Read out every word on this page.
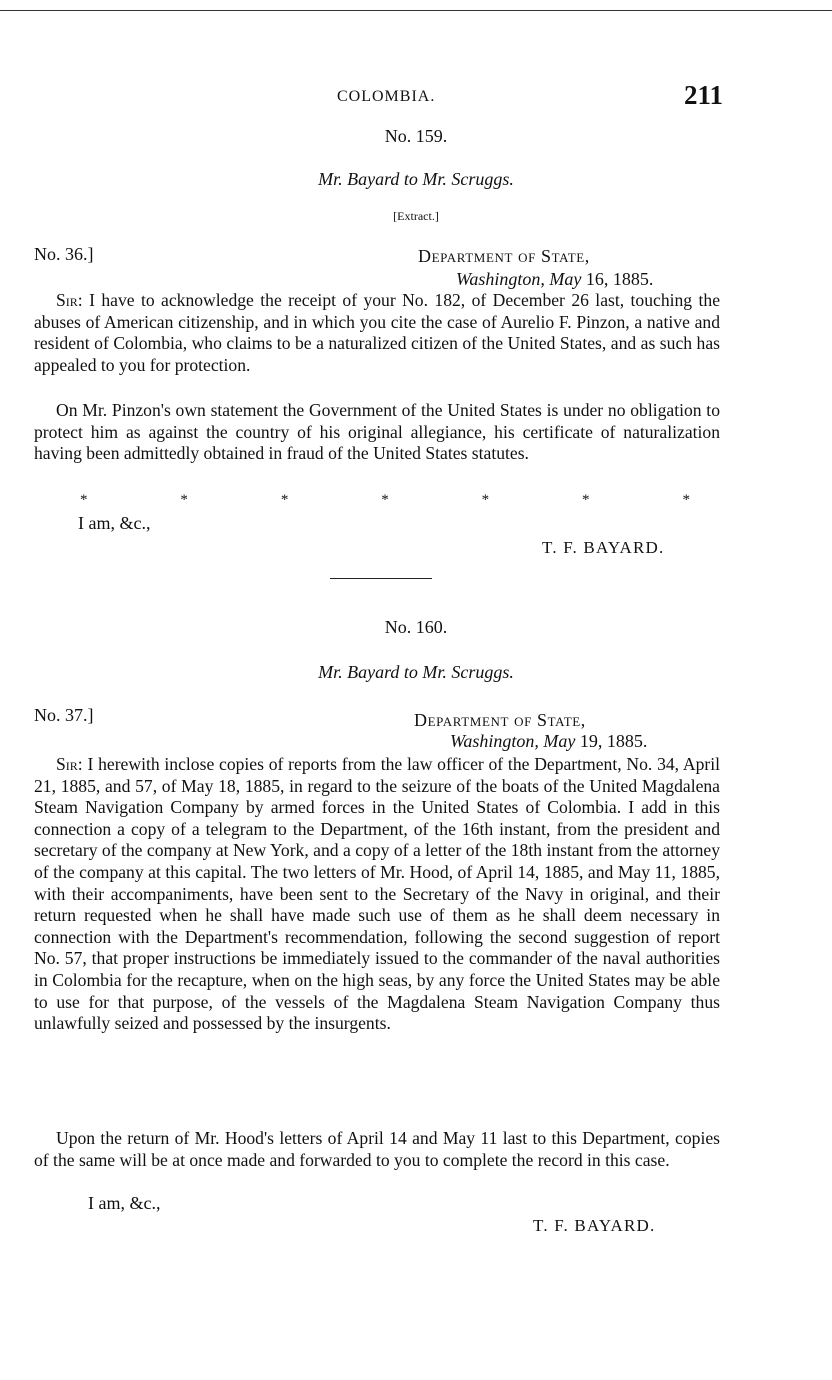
COLOMBIA.	211
No. 159.
Mr. Bayard to Mr. Scruggs.
[Extract.]
No. 36.]	Department of State,
Washington, May 16, 1885.

Sir: I have to acknowledge the receipt of your No. 182, of December 26 last, touching the abuses of American citizenship, and in which you cite the case of Aurelio F. Pinzon, a native and resident of Colombia, who claims to be a naturalized citizen of the United States, and as such has appealed to you for protection.

On Mr. Pinzon's own statement the Government of the United States is under no obligation to protect him as against the country of his original allegiance, his certificate of naturalization having been admittedly obtained in fraud of the United States statutes.

*	*	*	*	*	*	*
I am, &c.,
T. F. BAYARD.
No. 160.
Mr. Bayard to Mr. Scruggs.
No. 37.]	Department of State,
Washington, May 19, 1885.

Sir: I herewith inclose copies of reports from the law officer of the Department, No. 34, April 21, 1885, and 57, of May 18, 1885, in regard to the seizure of the boats of the United Magdalena Steam Navigation Company by armed forces in the United States of Colombia. I add in this connection a copy of a telegram to the Department, of the 16th instant, from the president and secretary of the company at New York, and a copy of a letter of the 18th instant from the attorney of the company at this capital. The two letters of Mr. Hood, of April 14, 1885, and May 11, 1885, with their accompaniments, have been sent to the Secretary of the Navy in original, and their return requested when he shall have made such use of them as he shall deem necessary in connection with the Department's recommendation, following the second suggestion of report No. 57, that proper instructions be immediately issued to the commander of the naval authorities in Colombia for the recapture, when on the high seas, by any force the United States may be able to use for that purpose, of the vessels of the Magdalena Steam Navigation Company thus unlawfully seized and possessed by the insurgents.

Upon the return of Mr. Hood's letters of April 14 and May 11 last to this Department, copies of the same will be at once made and forwarded to you to complete the record in this case.

I am, &c.,
T. F. BAYARD.
